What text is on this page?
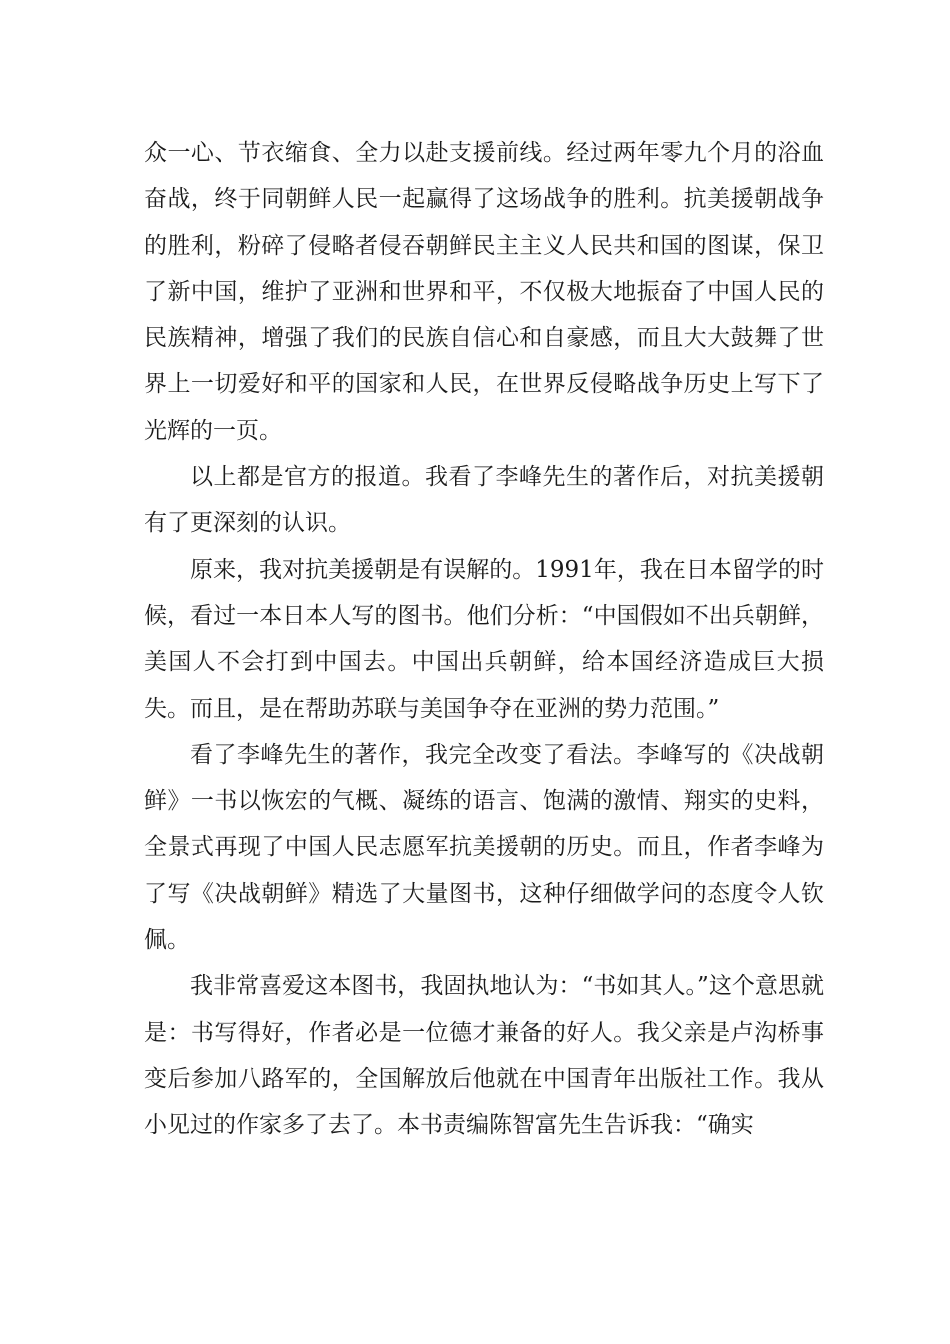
众一心、节衣缩食、全力以赴支援前线。经过两年零九个月的浴血奋战，终于同朝鲜人民一起赢得了这场战争的胜利。抗美援朝战争的胜利，粉碎了侵略者侵吞朝鲜民主主义人民共和国的图谋，保卫了新中国，维护了亚洲和世界和平，不仅极大地振奋了中国人民的民族精神，增强了我们的民族自信心和自豪感，而且大大鼓舞了世界上一切爱好和平的国家和人民，在世界反侵略战争历史上写下了光辉的一页。

以上都是官方的报道。我看了李峰先生的著作后，对抗美援朝有了更深刻的认识。

原来，我对抗美援朝是有误解的。1991年，我在日本留学的时候，看过一本日本人写的图书。他们分析：“中国假如不出兵朝鲜，美国人不会打到中国去。中国出兵朝鲜，给本国经济造成巨大损失。而且，是在帮助苏联与美国争夺在亚洲的势力范围。”

看了李峰先生的著作，我完全改变了看法。李峰写的《决战朝鲜》一书以恢宏的气概、凝练的语言、饱满的激情、翔实的史料，全景式再现了中国人民志愿军抗美援朝的历史。而且，作者李峰为了写《决战朝鲜》精选了大量图书，这种仔细做学问的态度令人钦佩。

我非常喜爱这本图书，我固执地认为：“书如其人。”这个意思就是：书写得好，作者必是一位德才兼备的好人。我父亲是卢沟桥事变后参加八路军的，全国解放后他就在中国青年出版社工作。我从小见过的作家多了去了。本书责编陈智富先生告诉我：“确实
